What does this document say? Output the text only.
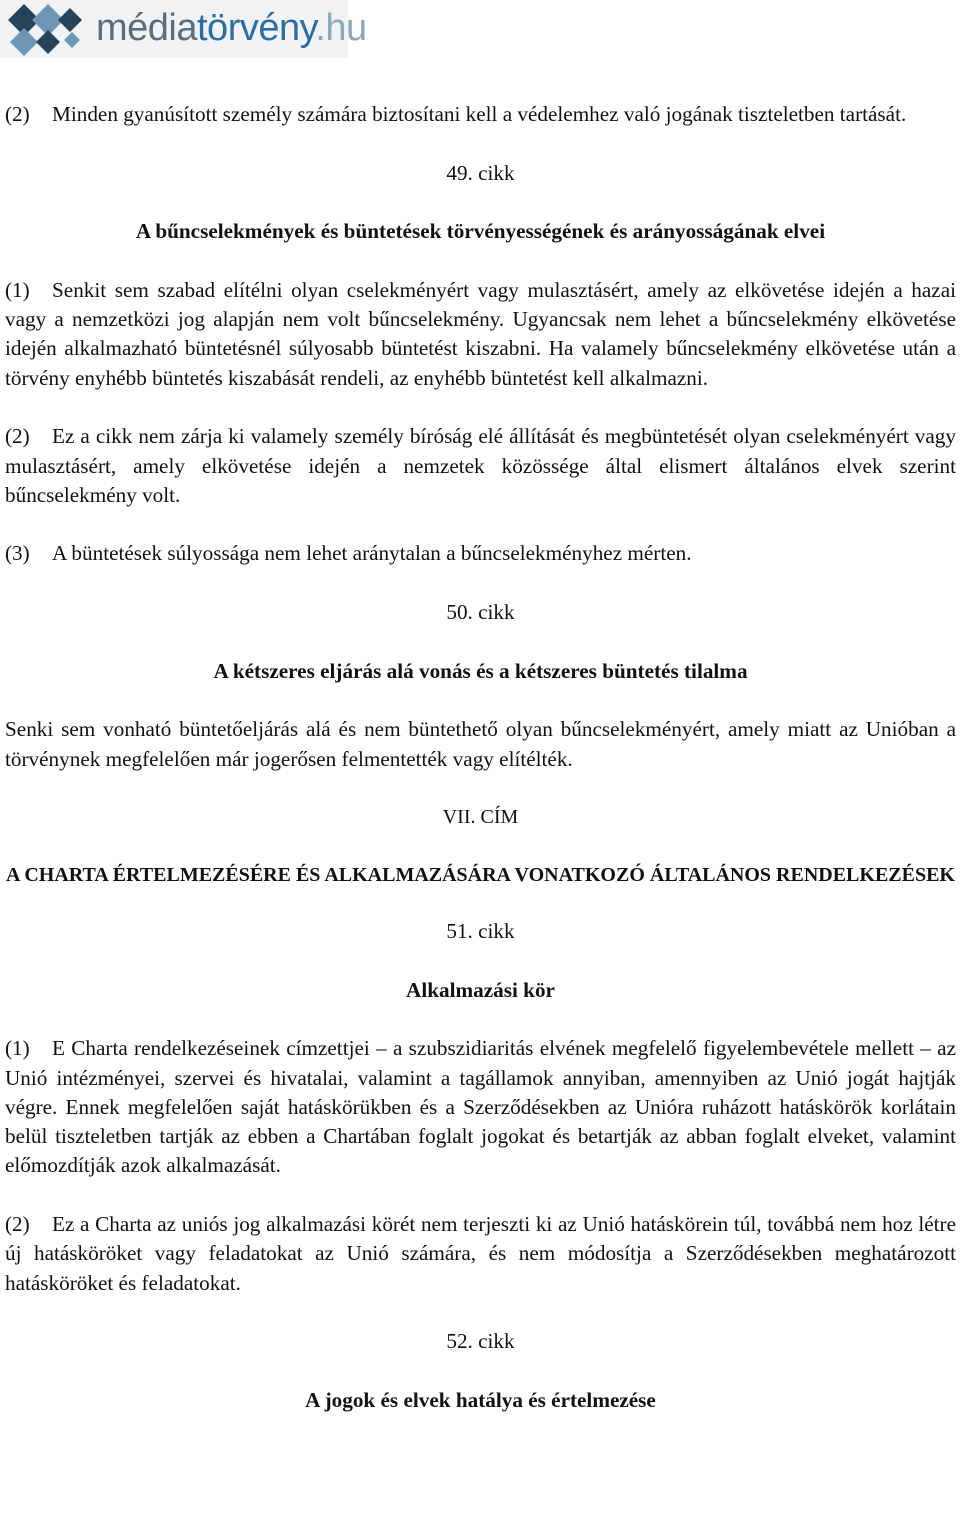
médiatörvény.hu

(2) Minden gyanúsított személy számára biztosítani kell a védelemhez való jogának tiszteletben tartását.

49. cikk
A bűncselekmények és büntetések törvényességének és arányosságának elvei

(1) Senkit sem szabad elítélni olyan cselekményért vagy mulasztásért, amely az elkövetése idején a hazai vagy a nemzetközi jog alapján nem volt bűncselekmény. Ugyancsak nem lehet a bűncselekmény elkövetése idején alkalmazható büntetésnél súlyosabb büntetést kiszabni. Ha valamely bűncselekmény elkövetése után a törvény enyhébb büntetés kiszabását rendeli, az enyhébb büntetést kell alkalmazni.

(2) Ez a cikk nem zárja ki valamely személy bíróság elé állítását és megbüntetését olyan cselekményért vagy mulasztásért, amely elkövetése idején a nemzetek közössége által elismert általános elvek szerint bűncselekmény volt.

(3) A büntetések súlyossága nem lehet aránytalan a bűncselekményhez mérten.

50. cikk
A kétszeres eljárás alá vonás és a kétszeres büntetés tilalma

Senki sem vonható büntetőeljárás alá és nem büntethető olyan bűncselekményért, amely miatt az Unióban a törvénynek megfelelően már jogerősen felmentették vagy elítélték.

VII. CÍM
A CHARTA ÉRTELMEZÉSÉRE ÉS ALKALMAZÁSÁRA VONATKOZÓ ÁLTALÁNOS RENDELKEZÉSEK
51. cikk
Alkalmazási kör

(1) E Charta rendelkezéseinek címzettjei – a szubszidiaritás elvének megfelelő figyelembevétele mellett – az Unió intézményei, szervei és hivatalai, valamint a tagállamok annyiban, amennyiben az Unió jogát hajtják végre. Ennek megfelelően saját hatáskörükben és a Szerződésekben az Unióra ruházott hatáskörök korlátain belül tiszteletben tartják az ebben a Chartában foglalt jogokat és betartják az abban foglalt elveket, valamint előmozdítják azok alkalmazását.

(2) Ez a Charta az uniós jog alkalmazási körét nem terjeszti ki az Unió hatáskörein túl, továbbá nem hoz létre új hatásköröket vagy feladatokat az Unió számára, és nem módosítja a Szerződésekben meghatározott hatásköröket és feladatokat.

52. cikk
A jogok és elvek hatálya és értelmezése
